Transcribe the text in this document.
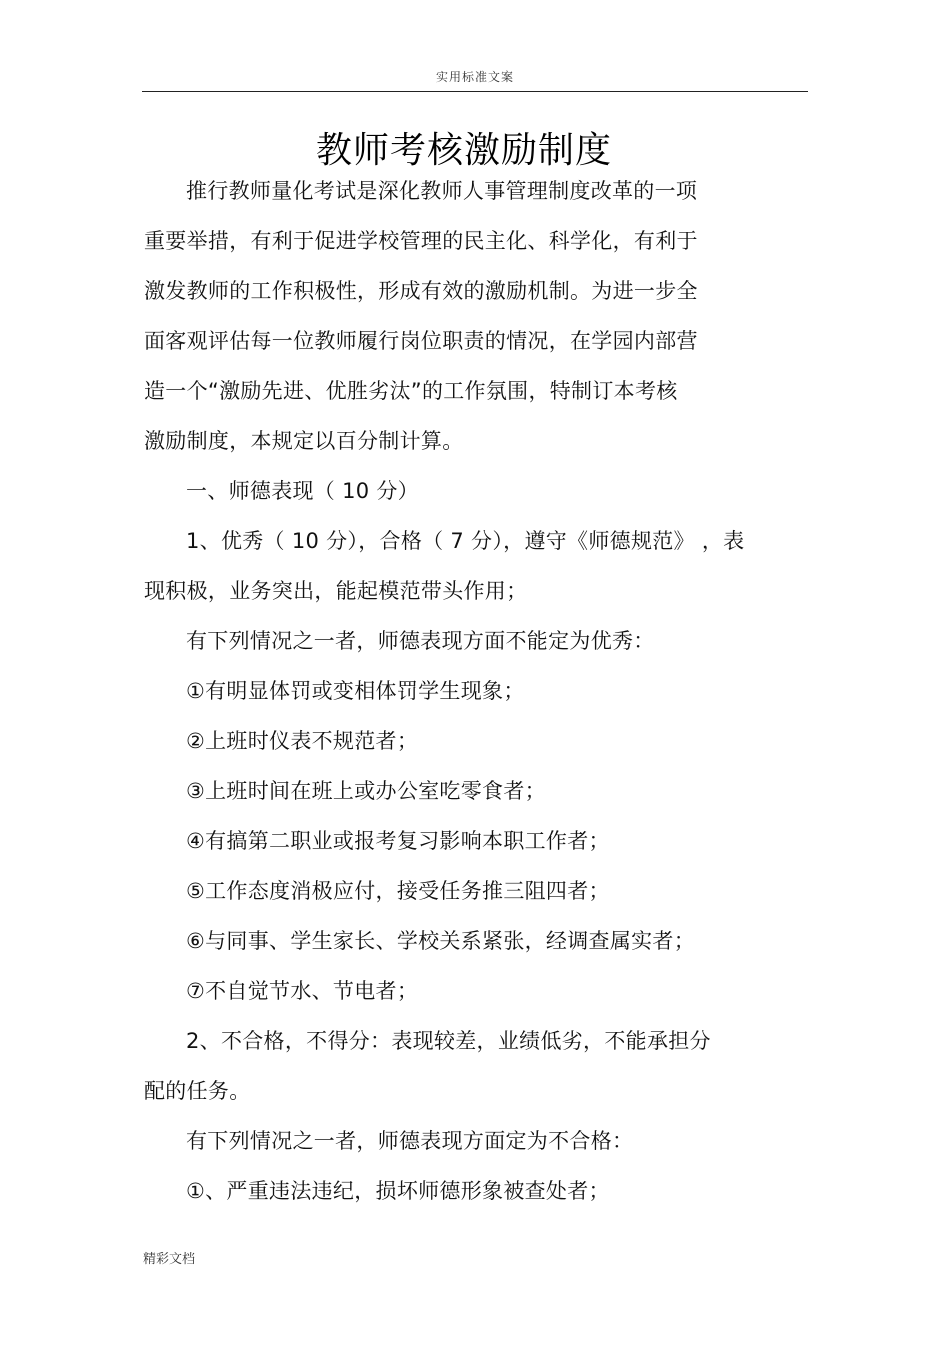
实用标准文案
教师考核激励制度
推行教师量化考试是深化教师人事管理制度改革的一项
重要举措，有利于促进学校管理的民主化、科学化，有利于
激发教师的工作积极性，形成有效的激励机制。为进一步全
面客观评估每一位教师履行岗位职责的情况，在学园内部营
造一个“激励先进、优胜劣汰”的工作氛围，特制订本考核
激励制度，本规定以百分制计算。
一、师德表现（ 10 分）
1、优秀（ 10 分），合格（ 7 分），遵守《师德规范》 ，表
现积极，业务突出，能起模范带头作用；
有下列情况之一者，师德表现方面不能定为优秀：
①有明显体罚或变相体罚学生现象；
②上班时仪表不规范者；
③上班时间在班上或办公室吃零食者；
④有搞第二职业或报考复习影响本职工作者；
⑤工作态度消极应付，接受任务推三阻四者；
⑥与同事、学生家长、学校关系紧张，经调查属实者；
⑦不自觉节水、节电者；
2、不合格，不得分：表现较差，业绩低劣，不能承担分
配的任务。
有下列情况之一者，师德表现方面定为不合格：
①、严重违法违纪，损坏师德形象被查处者；
精彩文档
